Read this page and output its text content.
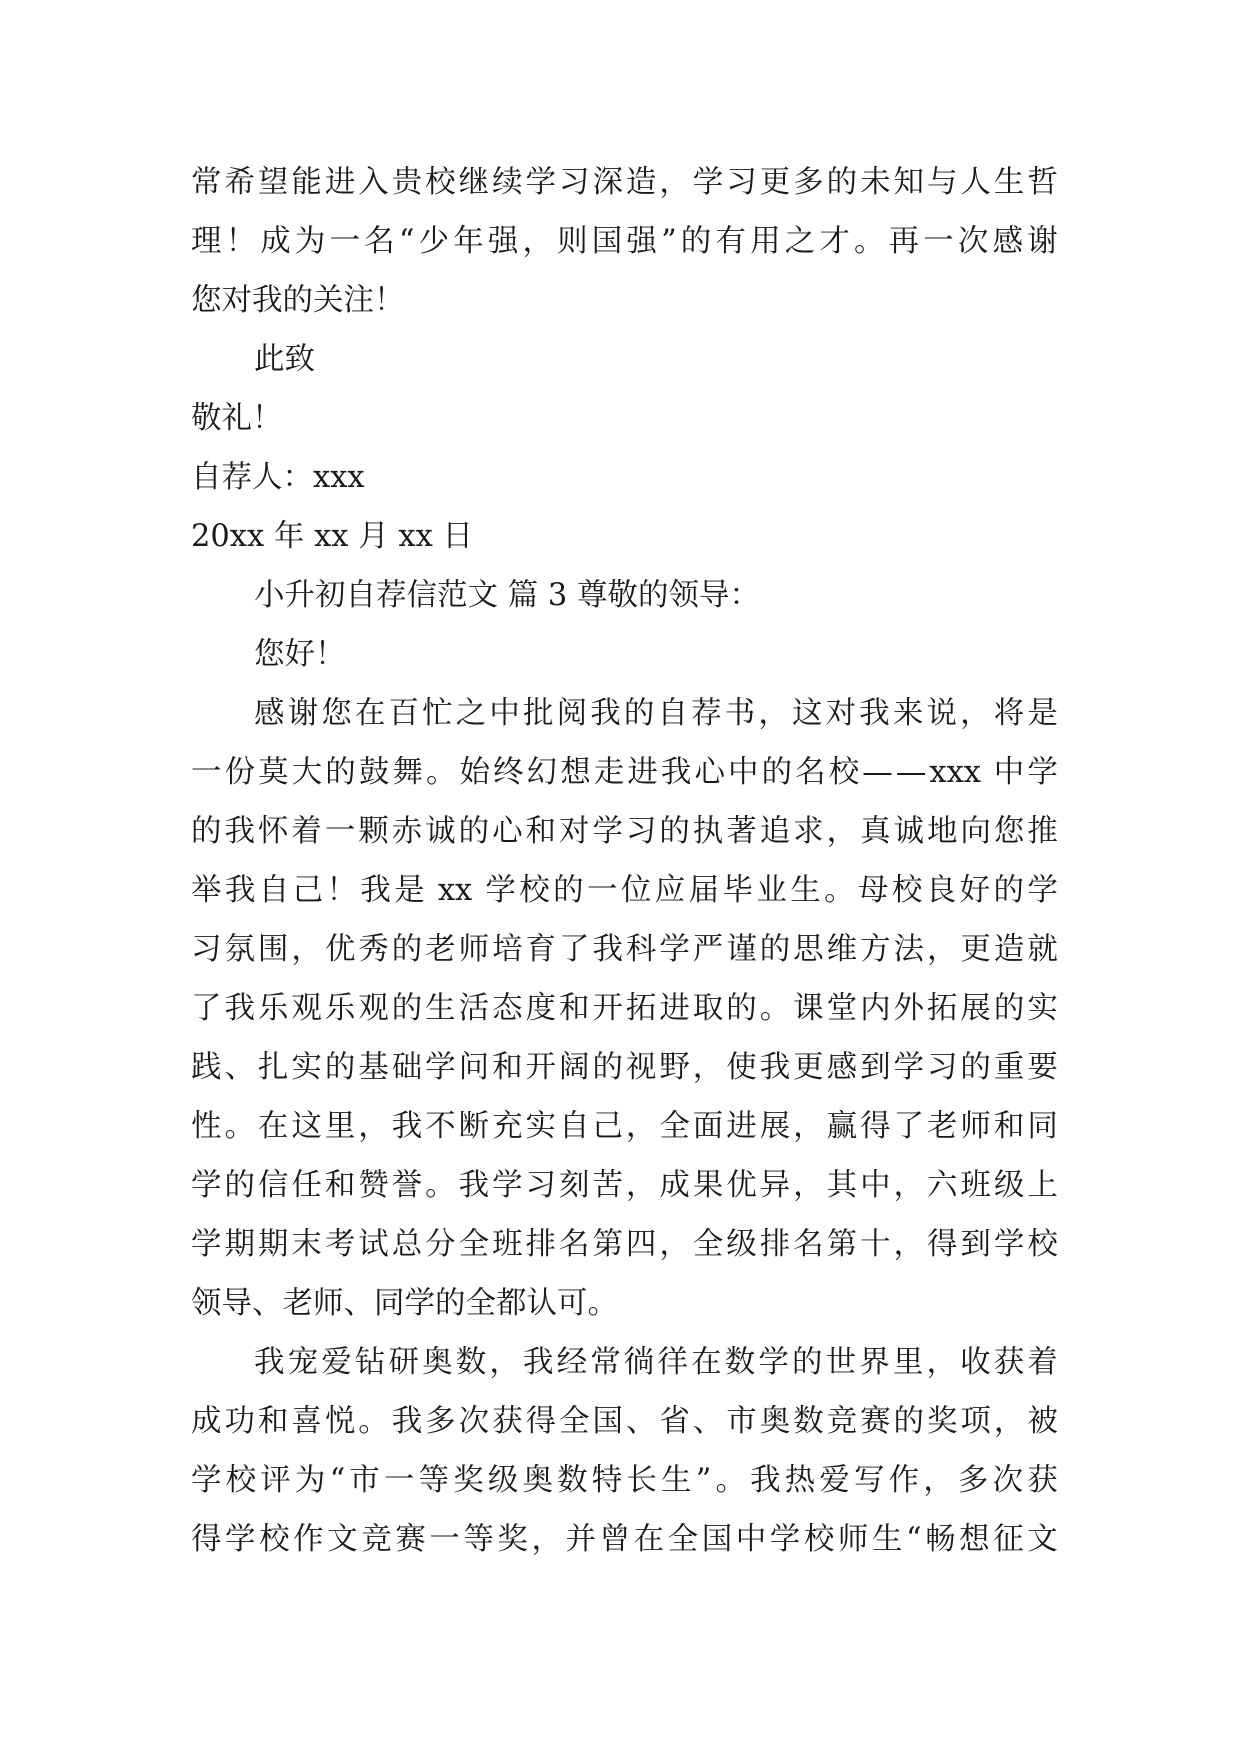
常 希 望 能 进 入 贵 校 继 续 学 习 深 造 ， 学 习 更 多 的 未 知 与 人 生 哲
理 ！ 成 为 一 名 “ 少 年 强 ， 则 国 强 ” 的 有 用 之 才 。 再 一 次 感 谢
您对我的关注！
此致
敬礼！
自荐人：xxx
20xx 年 xx 月 xx 日
小升初自荐信范文 篇 3 尊敬的领导：
您好！
感 谢 您 在 百 忙 之 中 批 阅 我 的 自 荐 书 ， 这 对 我 来 说 ， 将 是
一 份 莫 大 的 鼓 舞 。 始 终 幻 想 走 进 我 心 中 的 名 校 — — xxx 中 学
的 我 怀 着 一 颗 赤 诚 的 心 和 对 学 习 的 执 著 追 求 ， 真 诚 地 向 您 推
举 我 自 己 ！ 我 是 xx 学 校 的 一 位 应 届 毕 业 生 。 母 校 良 好 的 学
习 氛 围 ， 优 秀 的 老 师 培 育 了 我 科 学 严 谨 的 思 维 方 法 ， 更 造 就
了 我 乐 观 乐 观 的 生 活 态 度 和 开 拓 进 取 的 。 课 堂 内 外 拓 展 的 实
践 、 扎 实 的 基 础 学 问 和 开 阔 的 视 野 ， 使 我 更 感 到 学 习 的 重 要
性 。 在 这 里 ， 我 不 断 充 实 自 己 ， 全 面 进 展 ， 赢 得 了 老 师 和 同
学 的 信 任 和 赞 誉 。 我 学 习 刻 苦 ， 成 果 优 异 ， 其 中 ， 六 班 级 上
学 期 期 末 考 试 总 分 全 班 排 名 第 四 ， 全 级 排 名 第 十 ， 得 到 学 校
领导、老师、同学的全都认可。
我 宠 爱 钻 研 奥 数 ， 我 经 常 徜 徉 在 数 学 的 世 界 里 ， 收 获 着
成 功 和 喜 悦 。 我 多 次 获 得 全 国 、 省 、 市 奥 数 竞 赛 的 奖 项 ， 被
学 校 评 为 “ 市 一 等 奖 级 奥 数 特 长 生 ” 。 我 热 爱 写 作 ， 多 次 获
得 学 校 作 文 竞 赛 一 等 奖 ， 并 曾 在 全 国 中 学 校 师 生 “ 畅 想 征 文
